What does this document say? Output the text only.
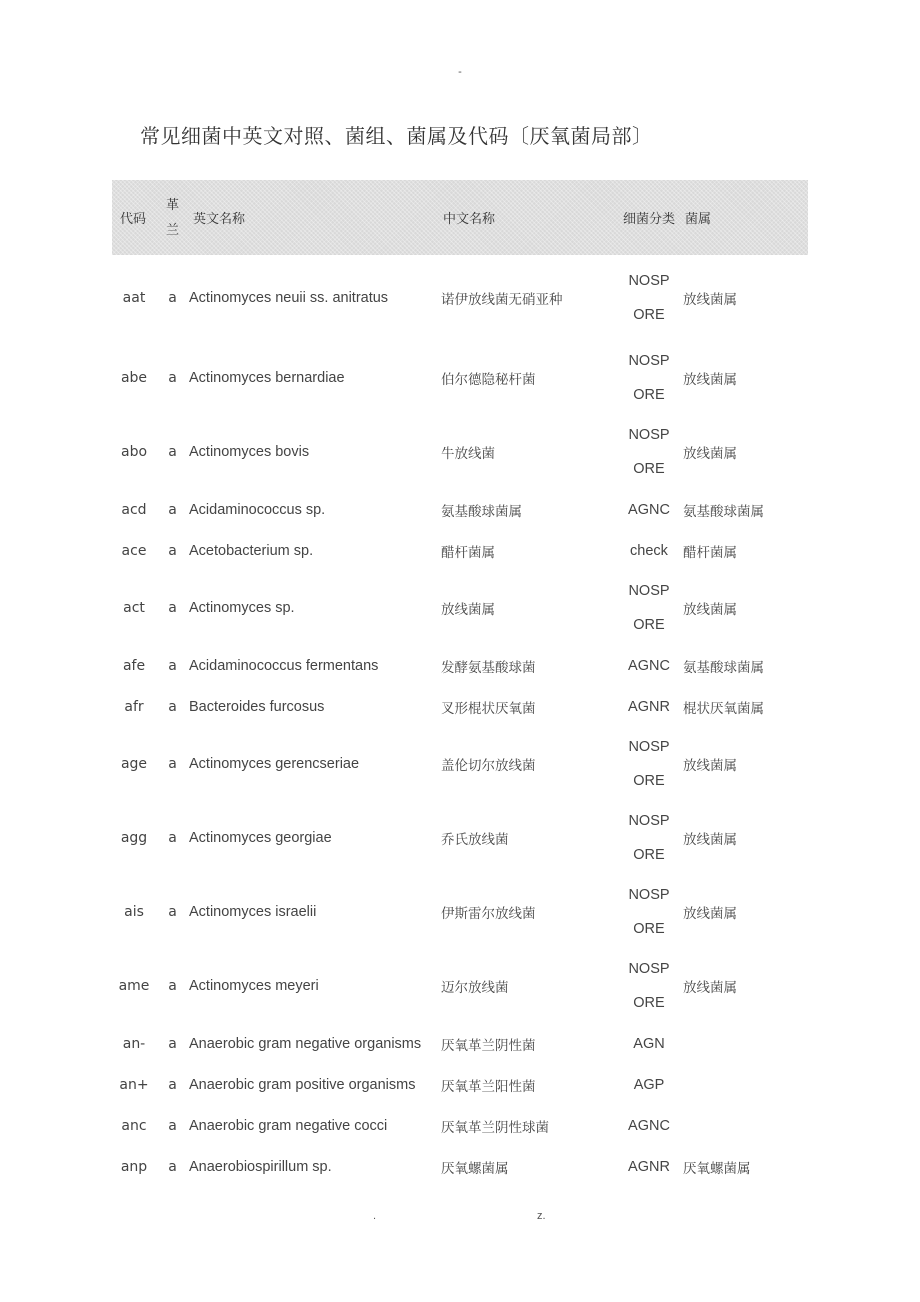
-
常见细菌中英文对照、菌组、菌属及代码〔厌氧菌局部〕
代码	革兰	英文名称	中文名称	细菌分类	菌属
aat	a	Actinomyces neuii ss. anitratus	诺伊放线菌无硝亚种	NOSPORE	放线菌属
abe	a	Actinomyces bernardiae	伯尔德隐秘杆菌	NOSPORE	放线菌属
abo	a	Actinomyces bovis	牛放线菌	NOSPORE	放线菌属
acd	a	Acidaminococcus sp.	氨基酸球菌属	AGNC	氨基酸球菌属
ace	a	Acetobacterium sp.	醋杆菌属	check	醋杆菌属
act	a	Actinomyces sp.	放线菌属	NOSPORE	放线菌属
afe	a	Acidaminococcus fermentans	发酵氨基酸球菌	AGNC	氨基酸球菌属
afr	a	Bacteroides furcosus	叉形棍状厌氧菌	AGNR	棍状厌氧菌属
age	a	Actinomyces gerencseriae	盖伦切尔放线菌	NOSPORE	放线菌属
agg	a	Actinomyces georgiae	乔氏放线菌	NOSPORE	放线菌属
ais	a	Actinomyces israelii	伊斯雷尔放线菌	NOSPORE	放线菌属
ame	a	Actinomyces meyeri	迈尔放线菌	NOSPORE	放线菌属
an-	a	Anaerobic gram negative organisms	厌氧革兰阴性菌	AGN	
an+	a	Anaerobic gram positive organisms	厌氧革兰阳性菌	AGP	
anc	a	Anaerobic gram negative cocci	厌氧革兰阴性球菌	AGNC	
anp	a	Anaerobiospirillum sp.	厌氧螺菌属	AGNR	厌氧螺菌属
.	z.
